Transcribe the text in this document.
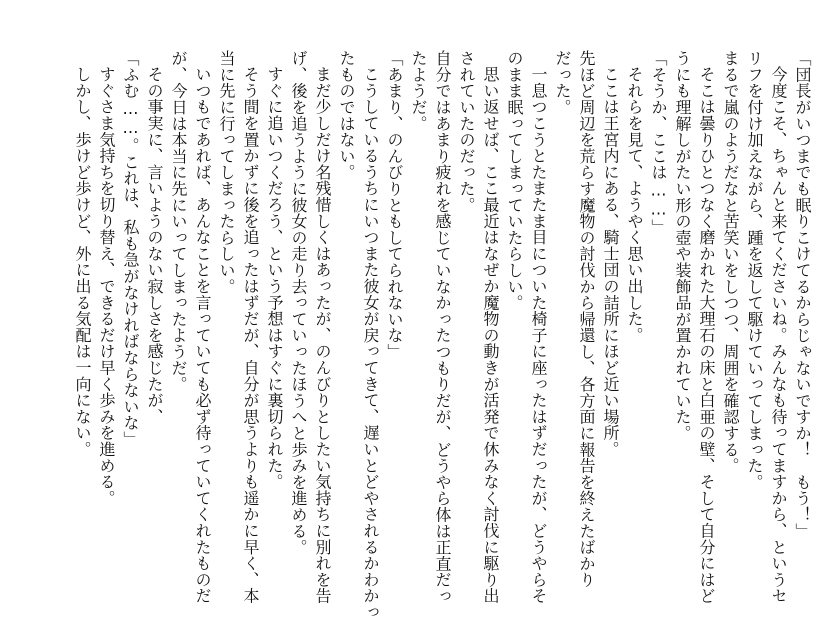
「団長がいつまでも眠りこけてるからじゃないですか！　もう！」
今度こそ、ちゃんと来てくださいね。みんなも待ってますから、というセ
リフを付け加えながら、踵を返して駆けていってしまった。
まるで嵐のようだなと苦笑いをしつつ、周囲を確認する。
そこは曇りひとつなく磨かれた大理石の床と白亜の壁、そして自分にはど
うにも理解しがたい形の壺や装飾品が置かれていた。
「そうか、ここは……」
それらを見て、ようやく思い出した。
ここは王宮内にある、騎士団の詰所にほど近い場所。
先ほど周辺を荒らす魔物の討伐から帰還し、各方面に報告を終えたばかり
だった。
一息つこうとたまたま目についた椅子に座ったはずだったが、どうやらそ
のまま眠ってしまっていたらしい。
思い返せば、ここ最近はなぜか魔物の動きが活発で休みなく討伐に駆り出
されていたのだった。
自分ではあまり疲れを感じていなかったつもりだが、どうやら体は正直だっ
たようだ。
「あまり、のんびりともしてられないな」
こうしているうちにいつまた彼女が戻ってきて、遅いとどやされるかわかっ
たものではない。
まだ少しだけ名残惜しくはあったが、のんびりとしたい気持ちに別れを告
げ、後を追うように彼女の走り去っていったほうへと歩みを進める。
すぐに追いつくだろう、という予想はすぐに裏切られた。
そう間を置かずに後を追ったはずだが、自分が思うよりも遥かに早く、本
当に先に行ってしまったらしい。
いつもであれば、あんなことを言っていても必ず待っていてくれたものだ
が、今日は本当に先にいってしまったようだ。
その事実に、言いようのない寂しさを感じたが、
「ふむ……。これは、私も急がなければならないな」
すぐさま気持ちを切り替え、できるだけ早く歩みを進める。
しかし、歩けど歩けど、外に出る気配は一向にない。
